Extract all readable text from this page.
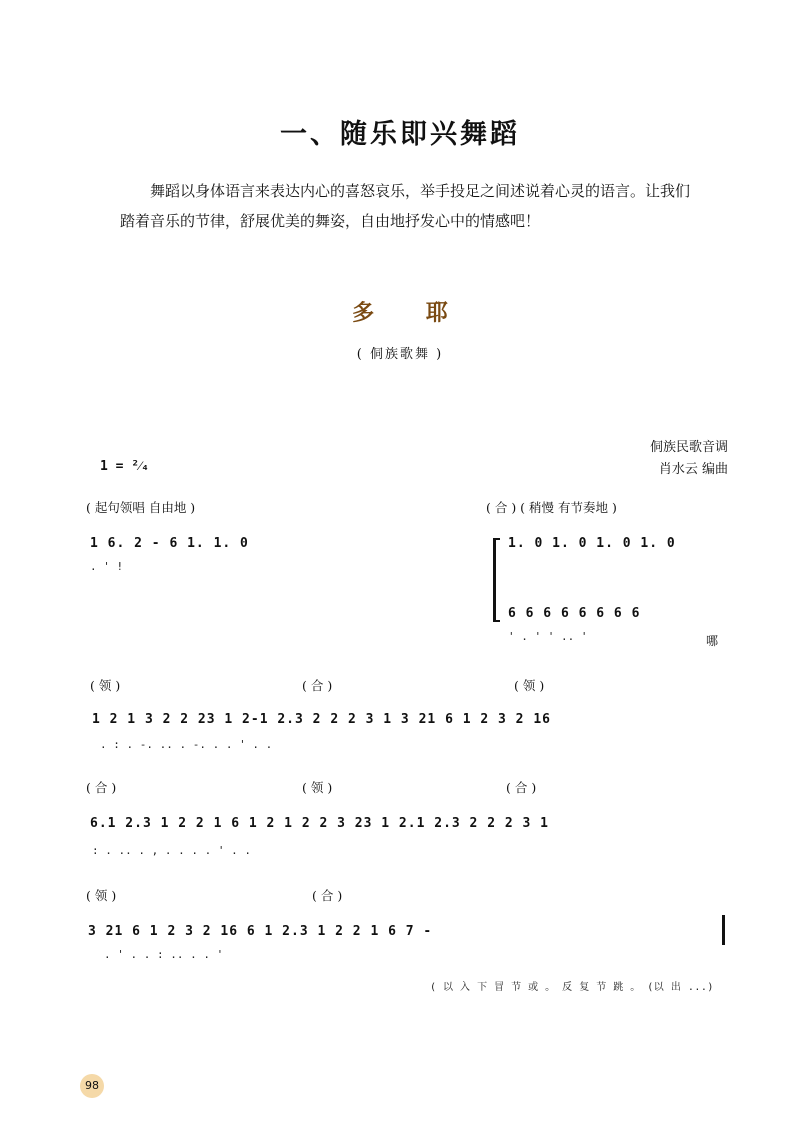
一、随乐即兴舞蹈
舞蹈以身体语言来表达内心的喜怒哀乐，举手投足之间述说着心灵的语言。让我们踏着音乐的节律，舒展优美的舞姿，自由地抒发心中的情感吧！
多 耶
( 侗族歌舞 )
侗族民歌音调
肖水云 编曲
1 = ²⁄₄
( 起句领唱 自由地 )	( 合 ) ( 稍慢 有节奏地 )
1 6. 2 - 6 1. 1. 0
. ' !
1. 0 1. 0 1. 0 1. 0
6 6 6 6 6 6 6 6
' . ' ' .. '	哪
( 领 )	( 合 )	( 领 )
1 2 1 3 2 2 23 1 2-1 2.3 2 2 2 3 1 3 21 6 1 2 3 2 16
. : . -. .. . -. . . ' . .
( 合 )	( 领 )	( 合 )
6.1 2.3 1 2 2 1 6 1 2 1 2 2 3 23 1 2.1 2.3 2 2 2 3 1
: . .. . , . . . . ' . .
( 领 )	( 合 )
3 21 6 1 2 3 2 16 6 1 2.3 1 2 2 1 6 7 -
. ' . . : .. . . '
( 以 入 下 冒 节 或 。 反 复 节 跳 。 (以 出 ...)
98
